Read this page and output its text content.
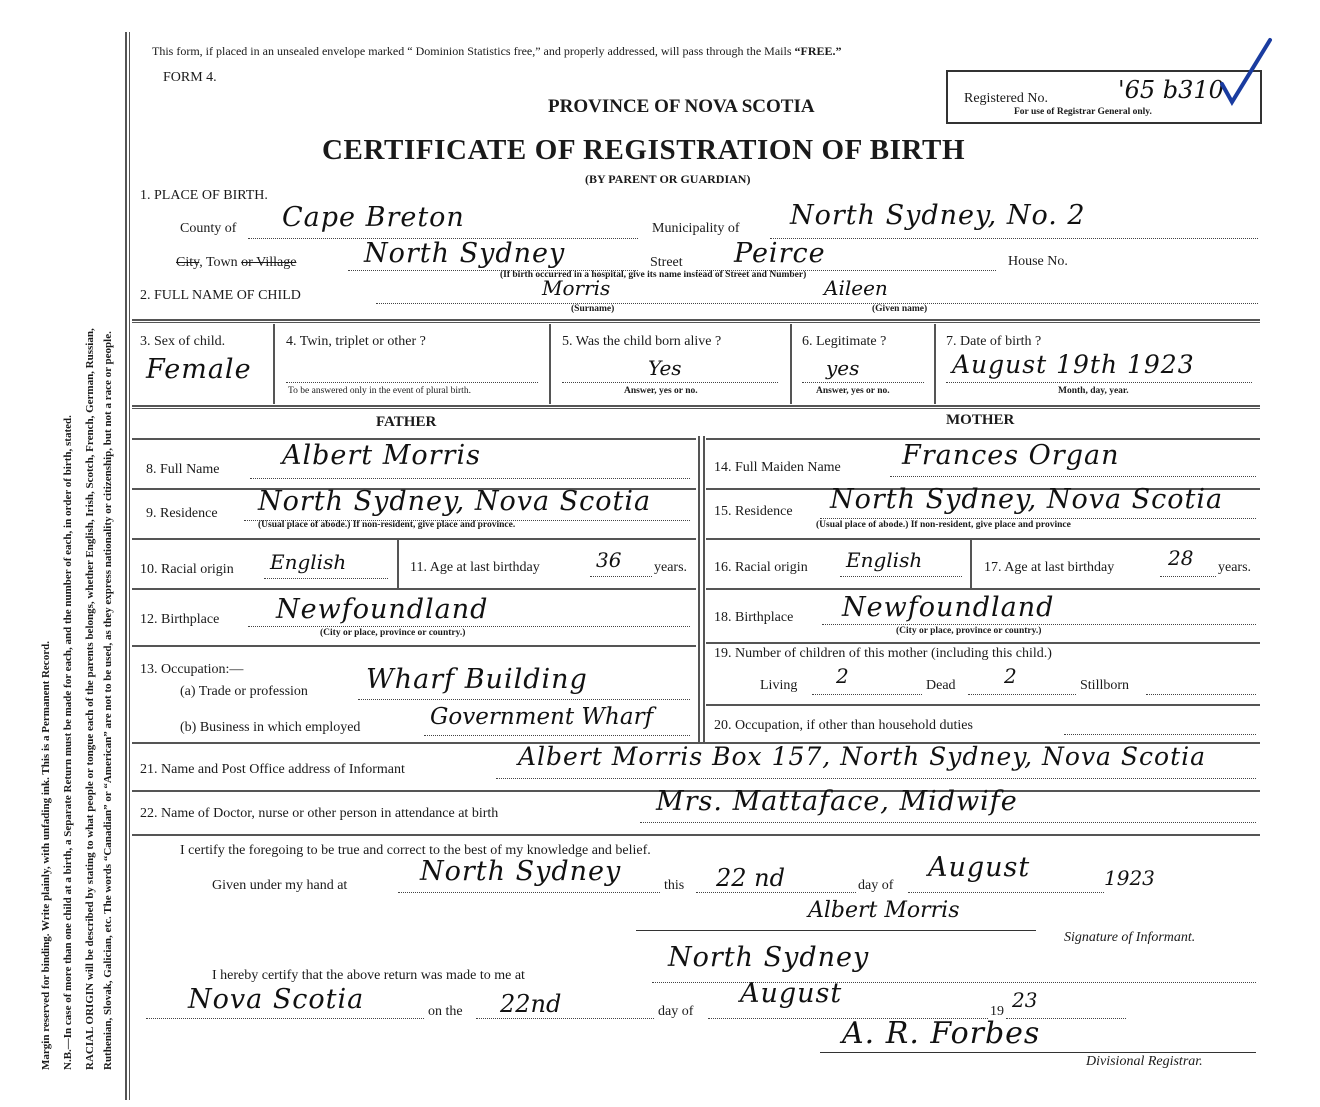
Margin reserved for binding. Write plainly, with unfading ink. This is a Permanent Record. N.B.—In case of more than one child at a birth, a Separate Return must be made for each, and the number of each, in order of birth, stated. RACIAL ORIGIN will be described by stating to what people or tongue each of the parents belongs, whether English, Irish, Scotch, French, German, Russian, Ruthenian, Slovak, Galician, etc. The words “Canadian” or “American” are not to be used, as they express nationality or citizenship, but not a race or people.
This form, if placed in an unsealed envelope marked “ Dominion Statistics free,” and properly addressed, will pass through the Mails “FREE.”
FORM 4.
PROVINCE OF NOVA SCOTIA
CERTIFICATE OF REGISTRATION OF BIRTH
(BY PARENT OR GUARDIAN)
Registered No.	'65 b310
For use of Registrar General only.
1. PLACE OF BIRTH.
County of Cape Breton	Municipality of North Sydney, No. 2
City, Town or Village	North Sydney	Street Peirce	House No.
(If birth occurred in a hospital, give its name instead of Street and Number)
2. FULL NAME OF CHILD	Morris
(Surname)
Aileen
(Given name)
3. Sex of child.
Female
4. Twin, triplet or other ?
To be answered only in the event of plural birth.
5. Was the child born alive ?
Yes
Answer, yes or no.
6. Legitimate ?
yes
Answer, yes or no.
7. Date of birth ?
August 19th 1923
Month, day, year.
FATHER	MOTHER
8. Full Name Albert Morris
9. Residence North Sydney, Nova Scotia
(Usual place of abode.) If non-resident, give place and province.
10. Racial origin English	11. Age at last birthday	36 years.
12. Birthplace Newfoundland
(City or place, province or country.)
13. Occupation:—
(a) Trade or profession Wharf Building
(b) Business in which employed	Government Wharf
14. Full Maiden Name Frances Organ
15. Residence North Sydney, Nova Scotia
(Usual place of abode.) If non-resident, give place and province
16. Racial origin English	17. Age at last birthday	28 years.
18. Birthplace Newfoundland
(City or place, province or country.)
19. Number of children of this mother (including this child.)
Living 2	Dead 2	Stillborn
20. Occupation, if other than household duties
21. Name and Post Office address of Informant	Albert Morris Box 157, North Sydney, Nova Scotia
22. Name of Doctor, nurse or other person in attendance at birth	Mrs. Mattaface, Midwife
I certify the foregoing to be true and correct to the best of my knowledge and belief.
Given under my hand at	North Sydney	this 22 nd	day of
August	1923
Albert Morris
Signature of Informant.
I hereby certify that the above return was made to me at
North Sydney
Nova Scotia	on the 22nd	day of
August
19 23
A. R. Forbes
Divisional Registrar.
